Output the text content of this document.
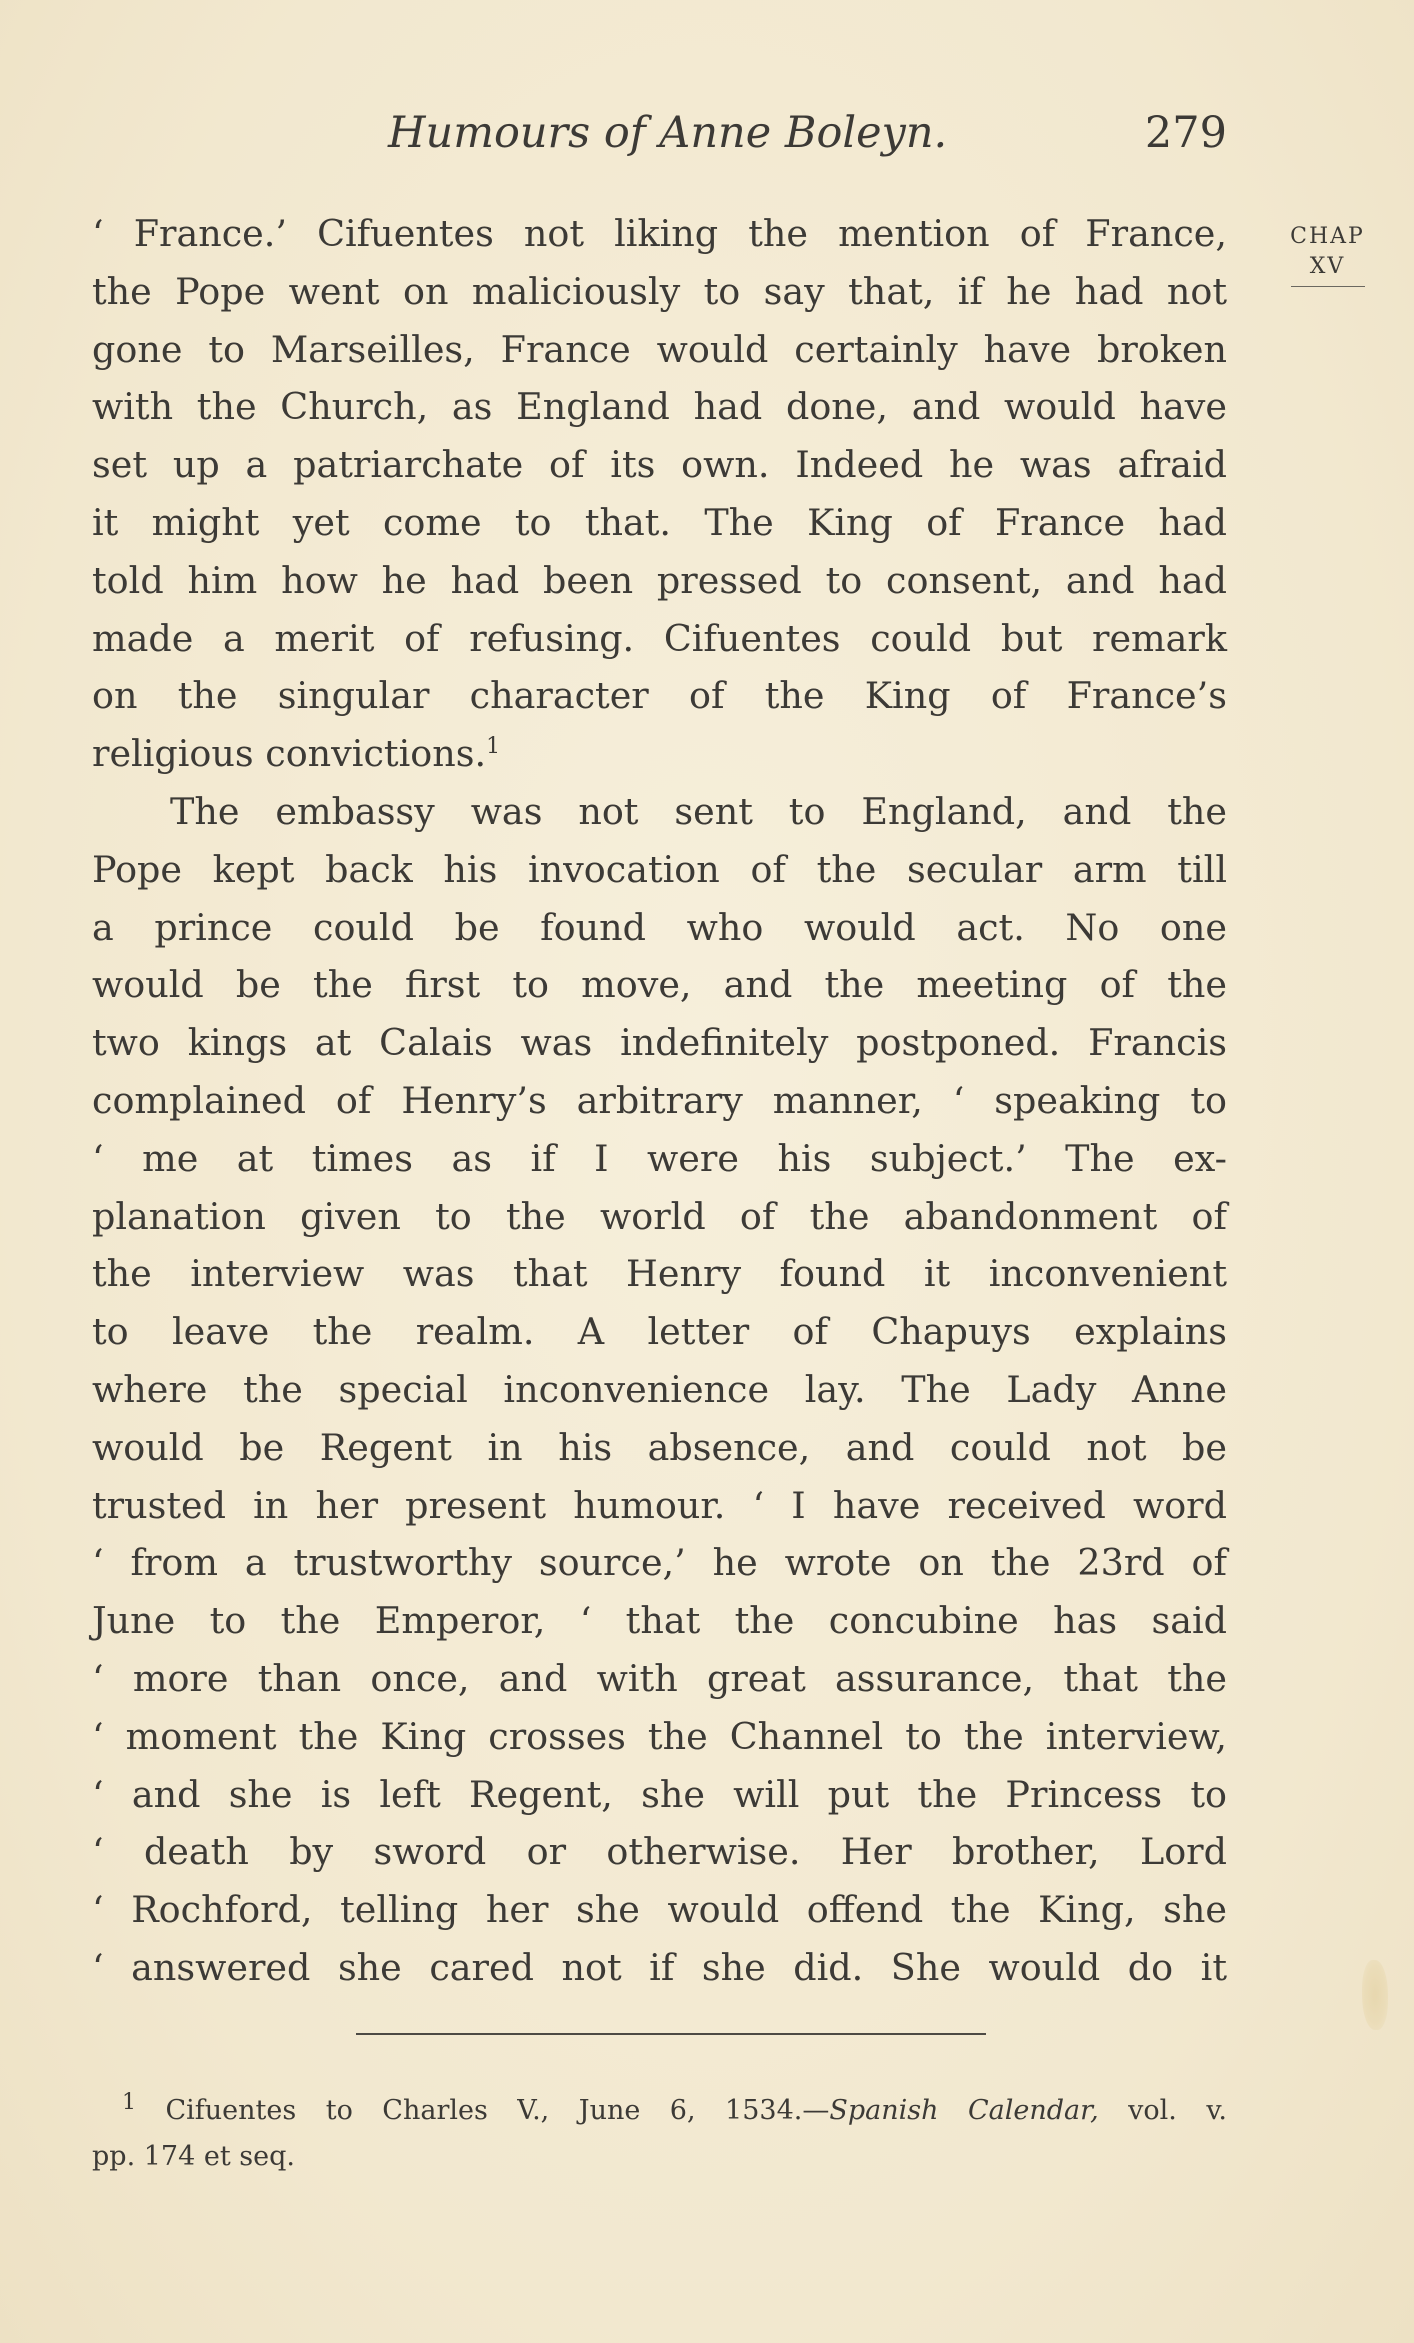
Humours of Anne Boleyn.	279
CHAP
XV
‘ France.’ Cifuentes not liking the mention of France,
the Pope went on maliciously to say that, if he had not
gone to Marseilles, France would certainly have broken
with the Church, as England had done, and would have
set up a patriarchate of its own. Indeed he was afraid
it might yet come to that. The King of France had
told him how he had been pressed to consent, and had
made a merit of refusing. Cifuentes could but remark
on the singular character of the King of France’s
religious convictions.$^1$
The embassy was not sent to England, and the
Pope kept back his invocation of the secular arm till
a prince could be found who would act. No one
would be the first to move, and the meeting of the
two kings at Calais was indefinitely postponed. Francis
complained of Henry’s arbitrary manner, ‘ speaking to
‘ me at times as if I were his subject.’ The ex-
planation given to the world of the abandonment of
the interview was that Henry found it inconvenient
to leave the realm. A letter of Chapuys explains
where the special inconvenience lay. The Lady Anne
would be Regent in his absence, and could not be
trusted in her present humour. ‘ I have received word
‘ from a trustworthy source,’ he wrote on the 23rd of
June to the Emperor, ‘ that the concubine has said
‘ more than once, and with great assurance, that the
‘ moment the King crosses the Channel to the interview,
‘ and she is left Regent, she will put the Princess to
‘ death by sword or otherwise. Her brother, Lord
‘ Rochford, telling her she would offend the King, she
‘ answered she cared not if she did. She would do it
$^1$ Cifuentes to Charles V., June 6, 1534.—Spanish Calendar, vol. v.
pp. 174 et seq.
